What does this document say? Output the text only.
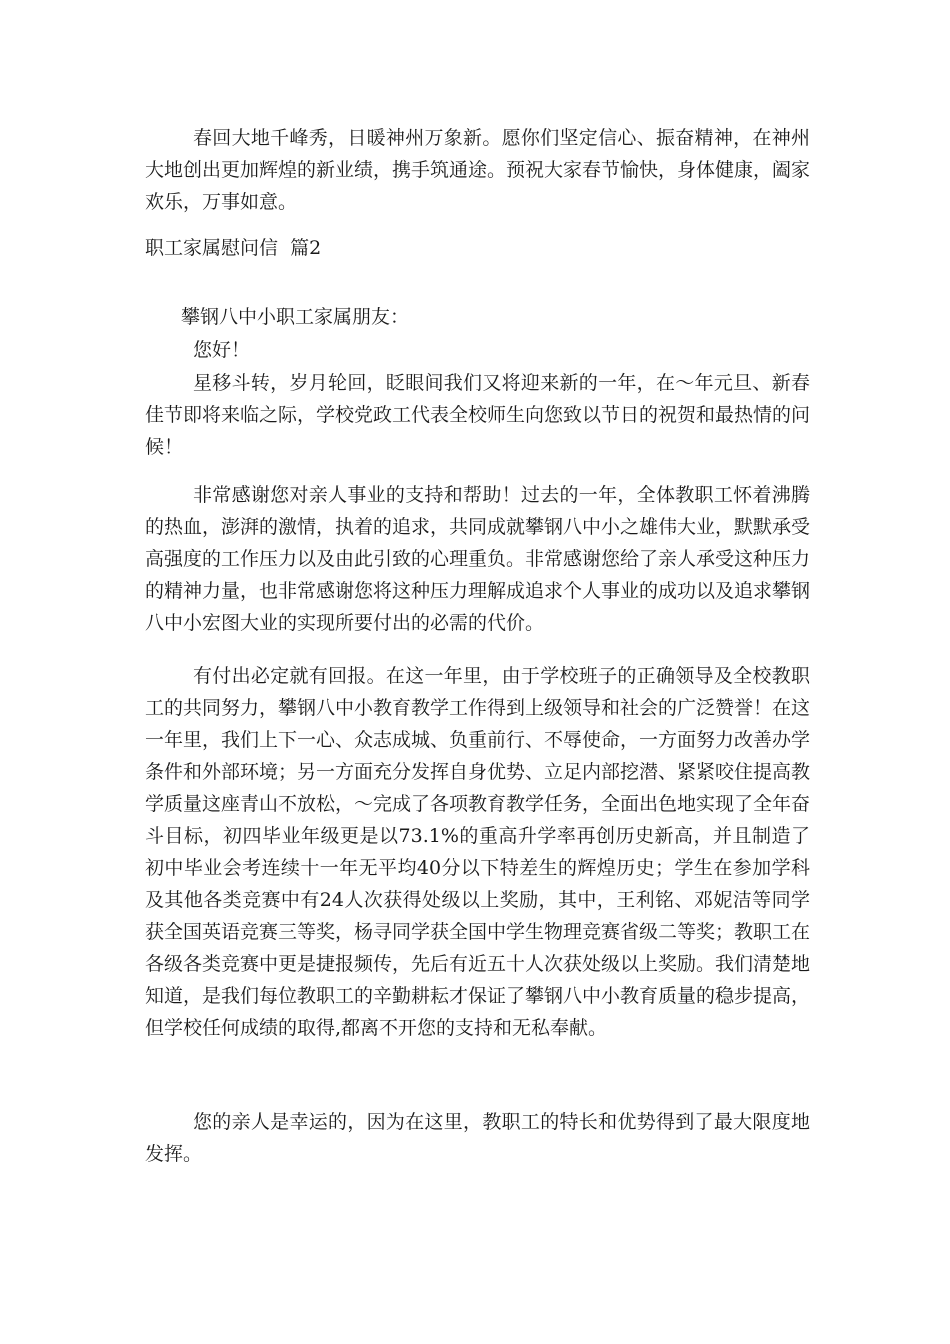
春回大地千峰秀，日暖神州万象新。愿你们坚定信心、振奋精神，在神州大地创出更加辉煌的新业绩，携手筑通途。预祝大家春节愉快，身体健康，阖家欢乐，万事如意。

职工家属慰问信  篇2

攀钢八中小职工家属朋友：

您好！

星移斗转，岁月轮回，眨眼间我们又将迎来新的一年，在～年元旦、新春佳节即将来临之际，学校党政工代表全校师生向您致以节日的祝贺和最热情的问候！

非常感谢您对亲人事业的支持和帮助！过去的一年，全体教职工怀着沸腾的热血，澎湃的激情，执着的追求，共同成就攀钢八中小之雄伟大业，默默承受高强度的工作压力以及由此引致的心理重负。非常感谢您给了亲人承受这种压力的精神力量，也非常感谢您将这种压力理解成追求个人事业的成功以及追求攀钢八中小宏图大业的实现所要付出的必需的代价。

有付出必定就有回报。在这一年里，由于学校班子的正确领导及全校教职工的共同努力，攀钢八中小教育教学工作得到上级领导和社会的广泛赞誉！在这一年里，我们上下一心、众志成城、负重前行、不辱使命，一方面努力改善办学条件和外部环境；另一方面充分发挥自身优势、立足内部挖潜、紧紧咬住提高教学质量这座青山不放松，～完成了各项教育教学任务，全面出色地实现了全年奋斗目标，初四毕业年级更是以73.1%的重高升学率再创历史新高，并且制造了初中毕业会考连续十一年无平均40分以下特差生的辉煌历史；学生在参加学科及其他各类竞赛中有24人次获得处级以上奖励，其中，王利铭、邓妮洁等同学获全国英语竞赛三等奖，杨寻同学获全国中学生物理竞赛省级二等奖；教职工在各级各类竞赛中更是捷报频传，先后有近五十人次获处级以上奖励。我们清楚地知道，是我们每位教职工的辛勤耕耘才保证了攀钢八中小教育质量的稳步提高，但学校任何成绩的取得,都离不开您的支持和无私奉献。

您的亲人是幸运的，因为在这里，教职工的特长和优势得到了最大限度地发挥。
